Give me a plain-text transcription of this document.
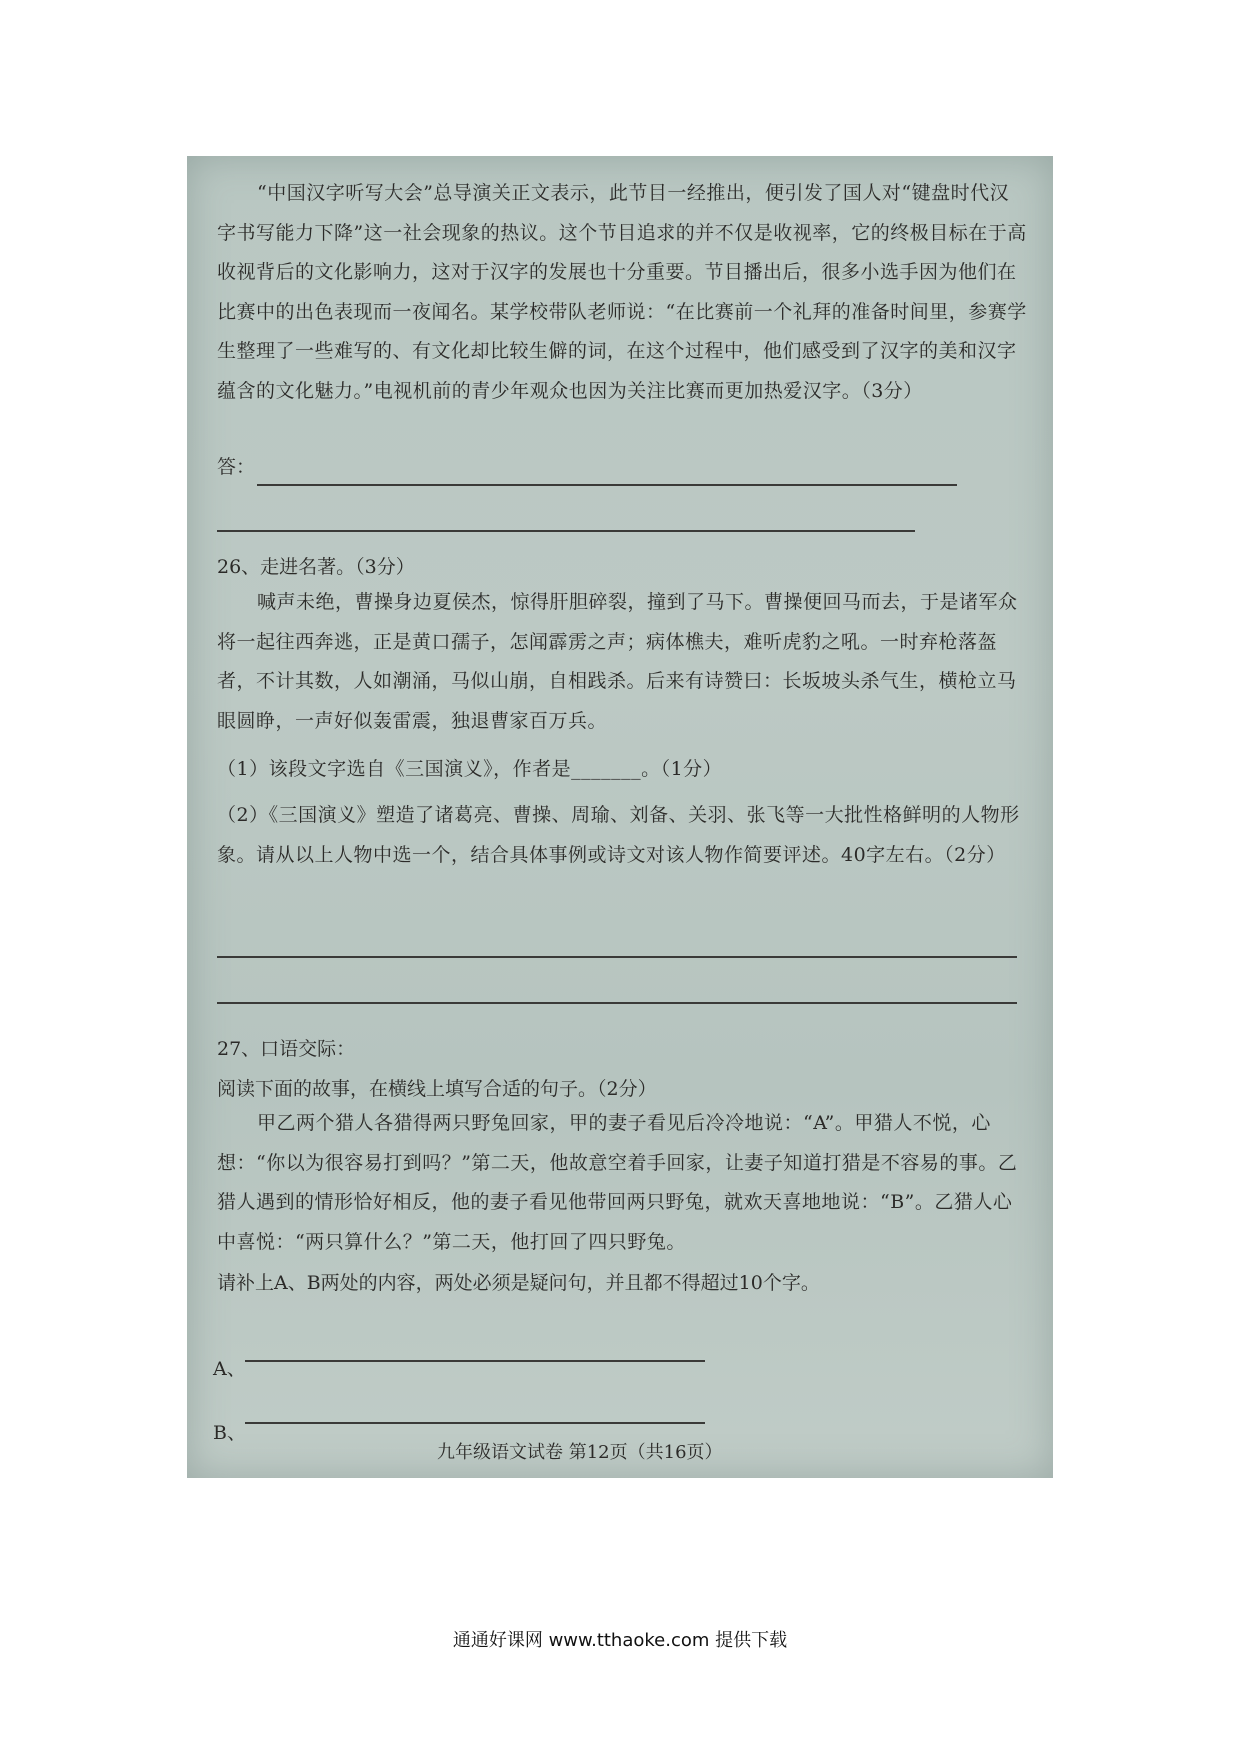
“中国汉字听写大会”总导演关正文表示，此节目一经推出，便引发了国人对“键盘时代汉字书写能力下降”这一社会现象的热议。这个节目追求的并不仅是收视率，它的终极目标在于高收视背后的文化影响力，这对于汉字的发展也十分重要。节目播出后，很多小选手因为他们在比赛中的出色表现而一夜闻名。某学校带队老师说：“在比赛前一个礼拜的准备时间里，参赛学生整理了一些难写的、有文化却比较生僻的词，在这个过程中，他们感受到了汉字的美和汉字蕴含的文化魅力。”电视机前的青少年观众也因为关注比赛而更加热爱汉字。（3分）

答：

26、走进名著。（3分）

喊声未绝，曹操身边夏侯杰，惊得肝胆碎裂，撞到了马下。曹操便回马而去，于是诸军众将一起往西奔逃，正是黄口孺子，怎闻霹雳之声；病体樵夫，难听虎豹之吼。一时弃枪落盔者，不计其数，人如潮涌，马似山崩，自相践杀。后来有诗赞曰：长坂坡头杀气生，横枪立马眼圆睁，一声好似轰雷震，独退曹家百万兵。

（1）该段文字选自《三国演义》，作者是_______。（1分）

（2）《三国演义》塑造了诸葛亮、曹操、周瑜、刘备、关羽、张飞等一大批性格鲜明的人物形象。请从以上人物中选一个，结合具体事例或诗文对该人物作简要评述。40字左右。（2分）

27、口语交际：

阅读下面的故事，在横线上填写合适的句子。（2分）

甲乙两个猎人各猎得两只野兔回家，甲的妻子看见后冷冷地说：“A”。甲猎人不悦，心想：“你以为很容易打到吗？”第二天，他故意空着手回家，让妻子知道打猎是不容易的事。乙猎人遇到的情形恰好相反，他的妻子看见他带回两只野兔，就欢天喜地地说：“B”。乙猎人心中喜悦：“两只算什么？”第二天，他打回了四只野兔。

请补上A、B两处的内容，两处必须是疑问句，并且都不得超过10个字。

A、
B、
九年级语文试卷 第12页（共16页）
通通好课网 www.tthaoke.com 提供下载
